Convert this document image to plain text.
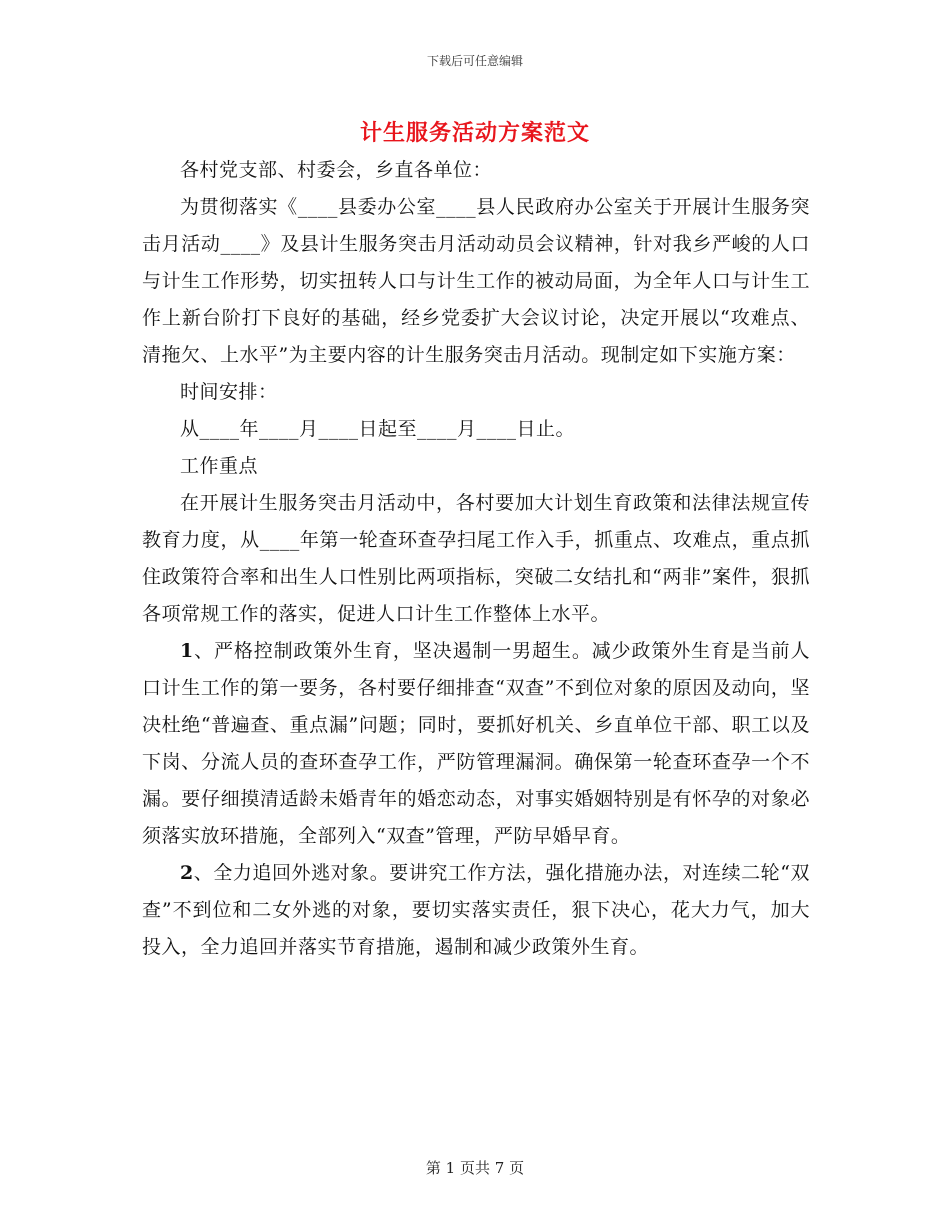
下载后可任意编辑
计生服务活动方案范文

各村党支部、村委会，乡直各单位：

为贯彻落实《____县委办公室____县人民政府办公室关于开展计生服务突击月活动____》及县计生服务突击月活动动员会议精神，针对我乡严峻的人口与计生工作形势，切实扭转人口与计生工作的被动局面，为全年人口与计生工作上新台阶打下良好的基础，经乡党委扩大会议讨论，决定开展以“攻难点、清拖欠、上水平”为主要内容的计生服务突击月活动。现制定如下实施方案：

时间安排：

从____年____月____日起至____月____日止。

工作重点

在开展计生服务突击月活动中，各村要加大计划生育政策和法律法规宣传教育力度，从____年第一轮查环查孕扫尾工作入手，抓重点、攻难点，重点抓住政策符合率和出生人口性别比两项指标，突破二女结扎和“两非”案件，狠抓各项常规工作的落实，促进人口计生工作整体上水平。

1、严格控制政策外生育，坚决遏制一男超生。减少政策外生育是当前人口计生工作的第一要务，各村要仔细排查“双查”不到位对象的原因及动向，坚决杜绝“普遍查、重点漏”问题；同时，要抓好机关、乡直单位干部、职工以及下岗、分流人员的查环查孕工作，严防管理漏洞。确保第一轮查环查孕一个不漏。要仔细摸清适龄未婚青年的婚恋动态，对事实婚姻特别是有怀孕的对象必须落实放环措施，全部列入“双查”管理，严防早婚早育。

2、全力追回外逃对象。要讲究工作方法，强化措施办法，对连续二轮“双查”不到位和二女外逃的对象，要切实落实责任，狠下决心，花大力气，加大投入，全力追回并落实节育措施，遏制和减少政策外生育。

第 1 页共 7 页
